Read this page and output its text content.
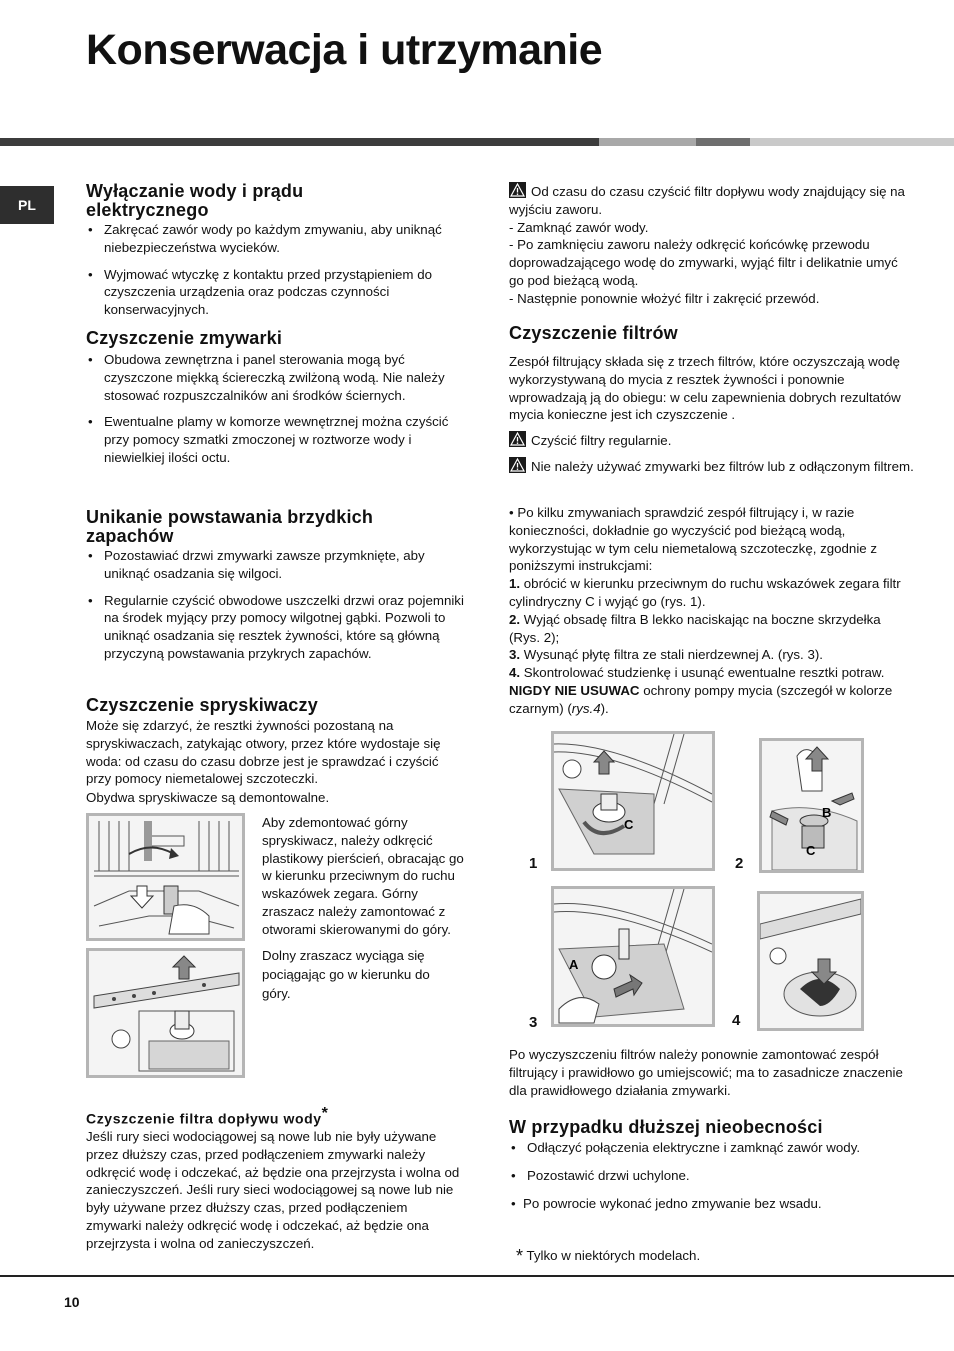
Konserwacja i utrzymanie
PL
Wyłączanie wody i prądu elektrycznego
• Zakręcać zawór wody po każdym zmywaniu, aby uniknąć niebezpieczeństwa wycieków.
• Wyjmować wtyczkę z kontaktu przed przystąpieniem do czyszczenia urządzenia oraz podczas czynności konserwacyjnych.
Czyszczenie zmywarki
• Obudowa zewnętrzna i panel sterowania mogą być czyszczone miękką ściereczką zwilżoną wodą. Nie należy stosować rozpuszczalników ani środków ściernych.
• Ewentualne plamy w komorze wewnętrznej można czyścić przy pomocy szmatki zmoczonej w roztworze wody i niewielkiej ilości octu.
Unikanie powstawania brzydkich zapachów
• Pozostawiać drzwi zmywarki zawsze przymknięte, aby uniknąć osadzania się wilgoci.
• Regularnie czyścić obwodowe uszczelki drzwi oraz pojemniki na środek myjący przy pomocy wilgotnej gąbki. Pozwoli to uniknąć osadzania się resztek żywności, które są główną przyczyną powstawania przykrych zapachów.
Czyszczenie spryskiwaczy
Może się zdarzyć, że resztki żywności pozostaną na spryskiwaczach, zatykając otwory, przez które wydostaje się woda: od czasu do czasu dobrze jest je sprawdzać i czyścić przy pomocy niemetalowej szczoteczki.
Obydwa spryskiwacze są demontowalne.
Aby zdemontować górny spryskiwacz, należy odkręcić plastikowy pierścień, obracając go w kierunku przeciwnym do ruchu wskazówek zegara. Górny zraszacz należy zamontować z otworami skierowanymi do góry.
Dolny zraszacz wyciąga się pociągając go w kierunku do góry.
Czyszczenie filtra dopływu wody*
Jeśli rury sieci wodociągowej są nowe lub nie były używane przez dłuższy czas, przed podłączeniem zmywarki należy odkręcić wodę i odczekać, aż będzie ona przejrzysta i wolna od zanieczyszczeń. Jeśli rury sieci wodociągowej są nowe lub nie były używane przez dłuższy czas, przed podłączeniem zmywarki należy odkręcić wodę i odczekać, aż będzie ona przejrzysta i wolna od zanieczyszczeń.
Od czasu do czasu czyścić filtr dopływu wody znajdujący się na wyjściu zaworu.
- Zamknąć zawór wody.
- Po zamknięciu zaworu należy odkręcić końcówkę przewodu doprowadzającego wodę do zmywarki, wyjąć filtr i delikatnie umyć go pod bieżącą wodą.
- Następnie ponownie włożyć filtr i zakręcić przewód.
Czyszczenie filtrów
Zespół filtrujący składa się z trzech filtrów, które oczyszczają wodę wykorzystywaną do mycia z resztek żywności i ponownie wprowadzają ją do obiegu: w celu zapewnienia dobrych rezultatów mycia konieczne jest ich czyszczenie .
Czyścić filtry regularnie.
Nie należy używać zmywarki bez filtrów lub z odłączonym filtrem.
• Po kilku zmywaniach sprawdzić zespół filtrujący i, w razie konieczności, dokładnie go wyczyścić pod bieżącą wodą, wykorzystując w tym celu niemetalową szczoteczkę, zgodnie z poniższymi instrukcjami:
1. obrócić w kierunku przeciwnym do ruchu wskazówek zegara filtr cylindryczny C i wyjąć go (rys. 1).
2. Wyjąć obsadę filtra B lekko naciskając na boczne skrzydełka (Rys. 2);
3. Wysunąć płytę filtra ze stali nierdzewnej A. (rys. 3).
4. Skontrolować studzienkę i usunąć ewentualne resztki potraw.
NIGDY NIE USUWAC ochrony pompy mycia (szczegół w kolorze czarnym) (rys.4).
C
B
C
A
1	2
3	4
Po wyczyszczeniu filtrów należy ponownie zamontować zespół filtrujący i prawidłowo go umiejscowić; ma to zasadnicze znaczenie dla prawidłowego działania zmywarki.
W przypadku dłuższej nieobecności
• Odłączyć połączenia elektryczne i zamknąć zawór wody.
• Pozostawić drzwi uchylone.
• Po powrocie wykonać jedno zmywanie bez wsadu.
* Tylko w niektórych modelach.
10
